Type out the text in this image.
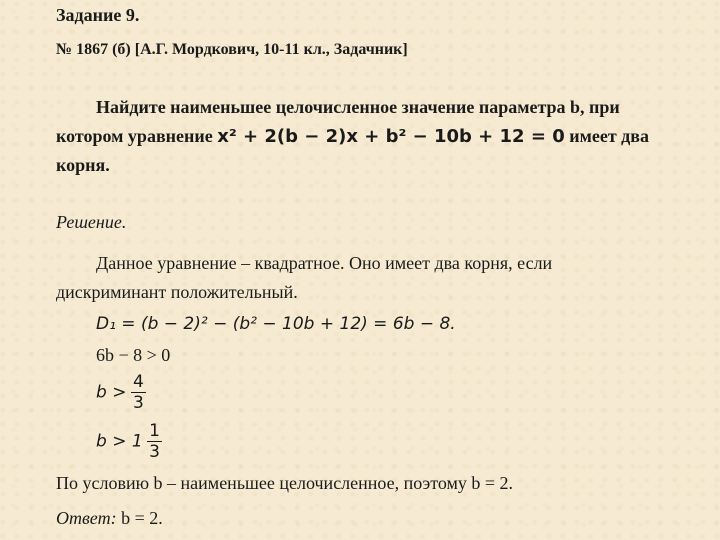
Задание 9.
№ 1867 (б) [А.Г. Мордкович, 10-11 кл., Задачник]
Найдите наименьшее целочисленное значение параметра b, при
котором уравнение x² + 2(b − 2)x + b² − 10b + 12 = 0 имеет два
корня.
Решение.
Данное уравнение – квадратное. Оно имеет два корня, если
дискриминант положительный.
D₁ = (b − 2)² − (b² − 10b + 12) = 6b − 8.
6b − 8 > 0
$b > \frac{4}{3}$
$b > 1 \frac{1}{3}$
По условию b – наименьшее целочисленное, поэтому b = 2.
Ответ: b = 2.
